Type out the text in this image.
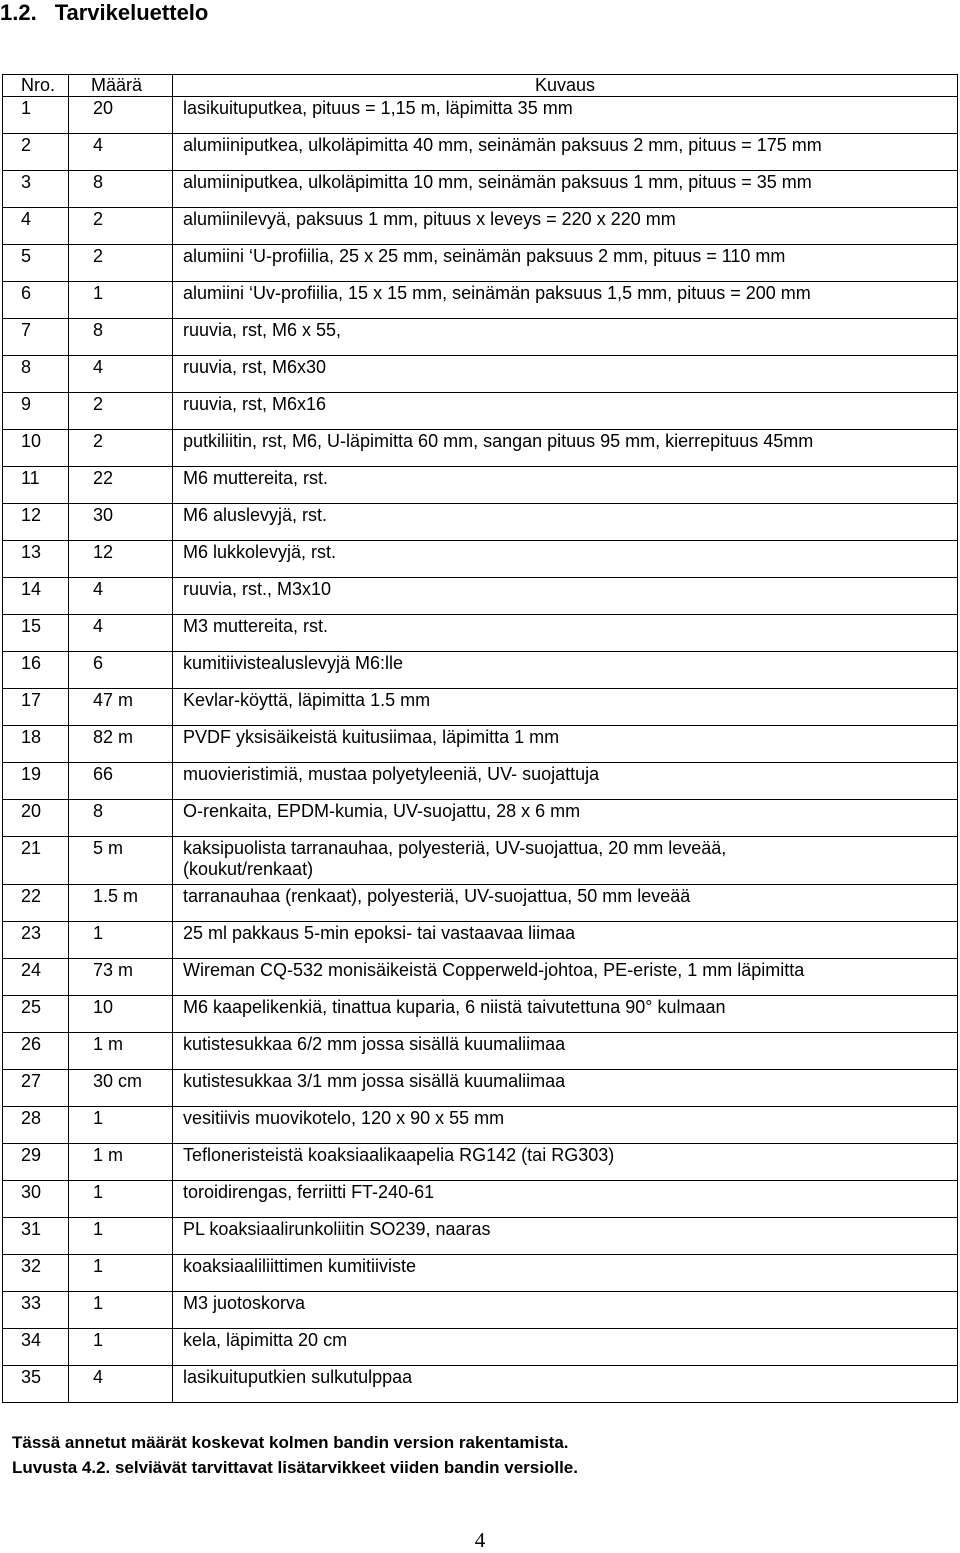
1.2. Tarvikeluettelo
Nro.	Määrä	Kuvaus
1	20	lasikuituputkea, pituus = 1,15 m, läpimitta 35 mm
2	4	alumiiniputkea, ulkoläpimitta 40 mm, seinämän paksuus 2 mm, pituus = 175 mm
3	8	alumiiniputkea, ulkoläpimitta 10 mm, seinämän paksuus 1 mm, pituus = 35 mm
4	2	alumiinilevyä, paksuus 1 mm, pituus x leveys = 220 x 220 mm
5	2	alumiini ‘U-profiilia, 25 x 25 mm, seinämän paksuus 2 mm, pituus = 110 mm
6	1	alumiini ‘Uv-profiilia, 15 x 15 mm, seinämän paksuus 1,5 mm, pituus = 200 mm
7	8	ruuvia, rst, M6 x 55,
8	4	ruuvia, rst, M6x30
9	2	ruuvia, rst, M6x16
10	2	putkiliitin, rst, M6, U-läpimitta 60 mm, sangan pituus 95 mm, kierrepituus 45mm
11	22	M6 muttereita, rst.
12	30	M6 aluslevyjä, rst.
13	12	M6 lukkolevyjä, rst.
14	4	ruuvia, rst., M3x10
15	4	M3 muttereita, rst.
16	6	kumitiivistealuslevyjä M6:lle
17	47 m	Kevlar-köyttä, läpimitta 1.5 mm
18	82 m	PVDF yksisäikeistä kuitusiimaa, läpimitta 1 mm
19	66	muovieristimiä, mustaa polyetyleeniä, UV- suojattuja
20	8	O-renkaita, EPDM-kumia, UV-suojattu, 28 x 6 mm
21	5 m	kaksipuolista tarranauhaa, polyesteriä, UV-suojattua, 20 mm leveää,
(koukut/renkaat)
22	1.5 m	tarranauhaa (renkaat), polyesteriä, UV-suojattua, 50 mm leveää
23	1	25 ml pakkaus 5-min epoksi- tai vastaavaa liimaa
24	73 m	Wireman CQ-532 monisäikeistä Copperweld-johtoa, PE-eriste, 1 mm läpimitta
25	10	M6 kaapelikenkiä, tinattua kuparia, 6 niistä taivutettuna 90° kulmaan
26	1 m	kutistesukkaa 6/2 mm jossa sisällä kuumaliimaa
27	30 cm	kutistesukkaa 3/1 mm jossa sisällä kuumaliimaa
28	1	vesitiivis muovikotelo, 120 x 90 x 55 mm
29	1 m	Tefloneristeistä koaksiaalikaapelia RG142 (tai RG303)
30	1	toroidirengas, ferriitti FT-240-61
31	1	PL koaksiaalirunkoliitin SO239, naaras
32	1	koaksiaaliliittimen kumitiiviste
33	1	M3 juotoskorva
34	1	kela, läpimitta 20 cm
35	4	lasikuituputkien sulkutulppaa

Tässä annetut määrät koskevat kolmen bandin version rakentamista.

Luvusta 4.2. selviävät tarvittavat lisätarvikkeet viiden bandin versiolle.

4
